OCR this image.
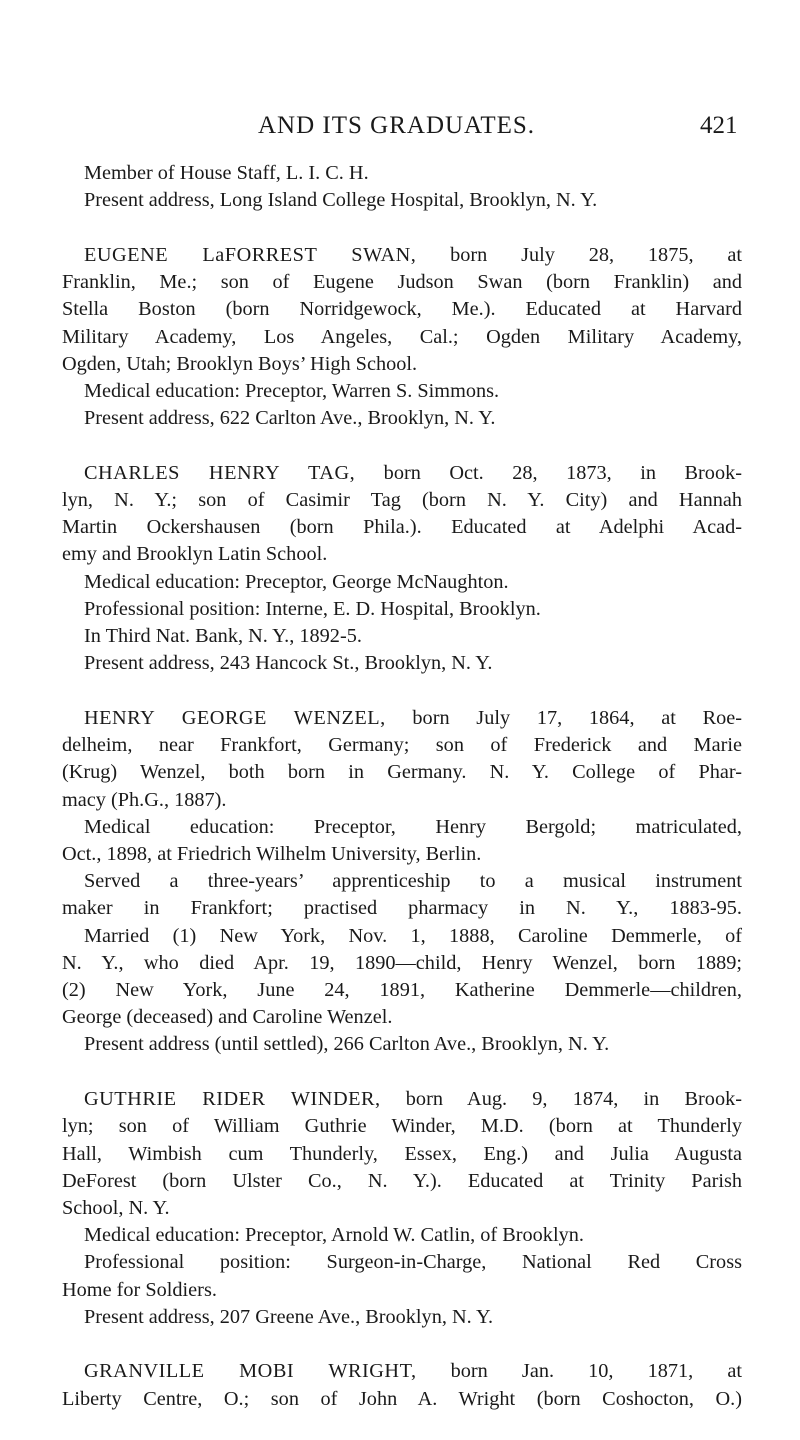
AND ITS GRADUATES.	421
Member of House Staff, L. I. C. H.
Present address, Long Island College Hospital, Brooklyn, N. Y.
EUGENE LaFORREST SWAN, born July 28, 1875, at
Franklin, Me.; son of Eugene Judson Swan (born Franklin) and
Stella Boston (born Norridgewock, Me.). Educated at Harvard
Military Academy, Los Angeles, Cal.; Ogden Military Academy,
Ogden, Utah; Brooklyn Boys’ High School.
Medical education: Preceptor, Warren S. Simmons.
Present address, 622 Carlton Ave., Brooklyn, N. Y.
CHARLES HENRY TAG, born Oct. 28, 1873, in Brook-
lyn, N. Y.; son of Casimir Tag (born N. Y. City) and Hannah
Martin Ockershausen (born Phila.). Educated at Adelphi Acad-
emy and Brooklyn Latin School.
Medical education: Preceptor, George McNaughton.
Professional position: Interne, E. D. Hospital, Brooklyn.
In Third Nat. Bank, N. Y., 1892-5.
Present address, 243 Hancock St., Brooklyn, N. Y.
HENRY GEORGE WENZEL, born July 17, 1864, at Roe-
delheim, near Frankfort, Germany; son of Frederick and Marie
(Krug) Wenzel, both born in Germany. N. Y. College of Phar-
macy (Ph.G., 1887).
Medical education: Preceptor, Henry Bergold; matriculated,
Oct., 1898, at Friedrich Wilhelm University, Berlin.
Served a three-years’ apprenticeship to a musical instrument
maker in Frankfort; practised pharmacy in N. Y., 1883-95.
Married (1) New York, Nov. 1, 1888, Caroline Demmerle, of
N. Y., who died Apr. 19, 1890—child, Henry Wenzel, born 1889;
(2) New York, June 24, 1891, Katherine Demmerle—children,
George (deceased) and Caroline Wenzel.
Present address (until settled), 266 Carlton Ave., Brooklyn, N. Y.
GUTHRIE RIDER WINDER, born Aug. 9, 1874, in Brook-
lyn; son of William Guthrie Winder, M.D. (born at Thunderly
Hall, Wimbish cum Thunderly, Essex, Eng.) and Julia Augusta
DeForest (born Ulster Co., N. Y.). Educated at Trinity Parish
School, N. Y.
Medical education: Preceptor, Arnold W. Catlin, of Brooklyn.
Professional position: Surgeon-in-Charge, National Red Cross
Home for Soldiers.
Present address, 207 Greene Ave., Brooklyn, N. Y.
GRANVILLE MOBI WRIGHT, born Jan. 10, 1871, at
Liberty Centre, O.; son of John A. Wright (born Coshocton, O.)
